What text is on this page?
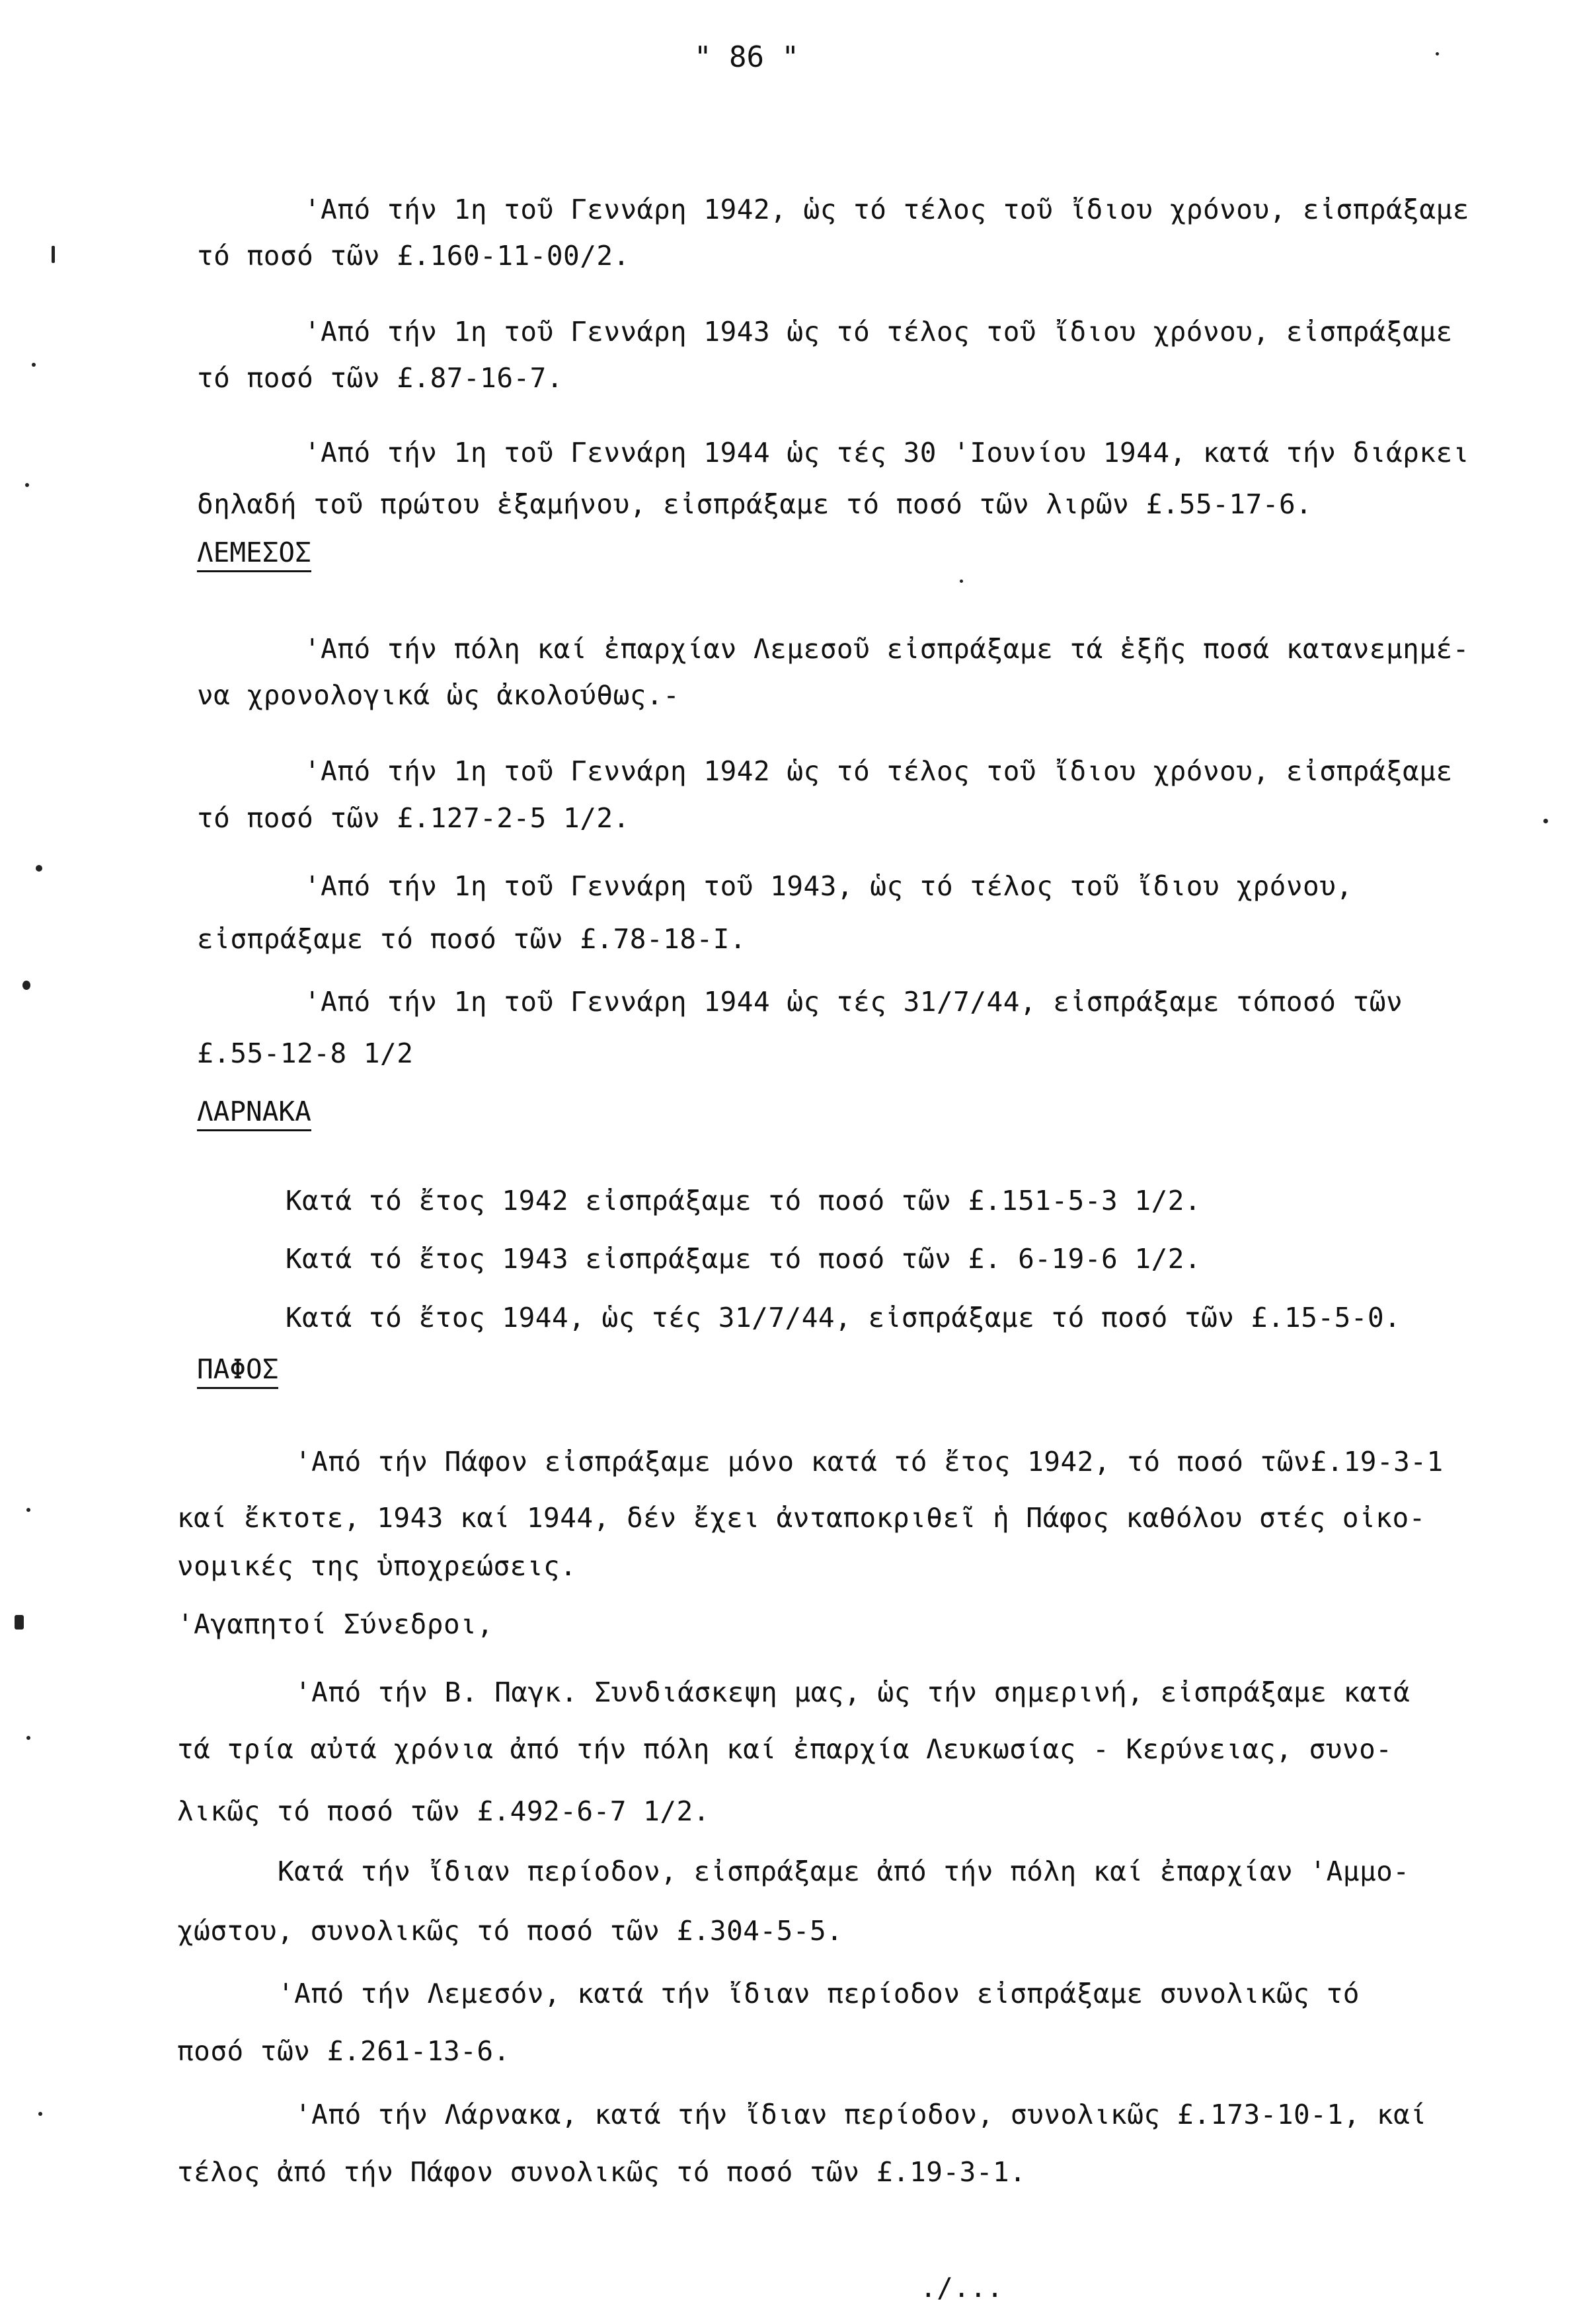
" 86 "
'Από τήν 1η τοῦ Γεννάρη 1942, ὡς τό τέλος τοῦ ἴδιου χρόνου, εἰσπράξαμε
τό ποσό τῶν £.160-11-00/2.
'Από τήν 1η τοῦ Γεννάρη 1943 ὡς τό τέλος τοῦ ἴδιου χρόνου, εἰσπράξαμε
τό ποσό τῶν £.87-16-7.
'Από τήν 1η τοῦ Γεννάρη 1944 ὡς τές 30 'Ιουνίου 1944, κατά τήν διάρκει
δηλαδή τοῦ πρώτου ἑξαμήνου, εἰσπράξαμε τό ποσό τῶν λιρῶν £.55-17-6.
ΛΕΜΕΣΟΣ
'Από τήν πόλη καί ἐπαρχίαν Λεμεσοῦ εἰσπράξαμε τά ἑξῆς ποσά κατανεμημέ-
να χρονολογικά ὡς ἀκολούθως.-
'Από τήν 1η τοῦ Γεννάρη 1942 ὡς τό τέλος τοῦ ἴδιου χρόνου, εἰσπράξαμε
τό ποσό τῶν £.127-2-5 1/2.
'Από τήν 1η τοῦ Γεννάρη τοῦ 1943, ὡς τό τέλος τοῦ ἴδιου χρόνου,
εἰσπράξαμε τό ποσό τῶν £.78-18-I.
'Από τήν 1η τοῦ Γεννάρη 1944 ὡς τές 31/7/44, εἰσπράξαμε τόποσό τῶν
£.55-12-8 1/2
ΛΑΡΝΑΚΑ
Κατά τό ἔτος 1942 εἰσπράξαμε τό ποσό τῶν £.151-5-3 1/2.
Κατά τό ἔτος 1943 εἰσπράξαμε τό ποσό τῶν £. 6-19-6 1/2.
Κατά τό ἔτος 1944, ὡς τές 31/7/44, εἰσπράξαμε τό ποσό τῶν £.15-5-0.
ΠΑΦΟΣ
'Από τήν Πάφον εἰσπράξαμε μόνο κατά τό ἔτος 1942, τό ποσό τῶν£.19-3-1
καί ἔκτοτε, 1943 καί 1944, δέν ἔχει ἀνταποκριθεῖ ἡ Πάφος καθόλου στές οἰκο-
νομικές της ὑποχρεώσεις.
'Αγαπητοί Σύνεδροι,
'Από τήν Β. Παγκ. Συνδιάσκεψη μας, ὡς τήν σημερινή, εἰσπράξαμε κατά
τά τρία αὐτά χρόνια ἀπό τήν πόλη καί ἐπαρχία Λευκωσίας - Κερύνειας, συνο-
λικῶς τό ποσό τῶν £.492-6-7 1/2.
Κατά τήν ἴδιαν περίοδον, εἰσπράξαμε ἀπό τήν πόλη καί ἐπαρχίαν 'Αμμο-
χώστου, συνολικῶς τό ποσό τῶν £.304-5-5.
'Από τήν Λεμεσόν, κατά τήν ἴδιαν περίοδον εἰσπράξαμε συνολικῶς τό
ποσό τῶν £.261-13-6.
'Από τήν Λάρνακα, κατά τήν ἴδιαν περίοδον, συνολικῶς £.173-10-1, καί
τέλος ἀπό τήν Πάφον συνολικῶς τό ποσό τῶν £.19-3-1.
./...
